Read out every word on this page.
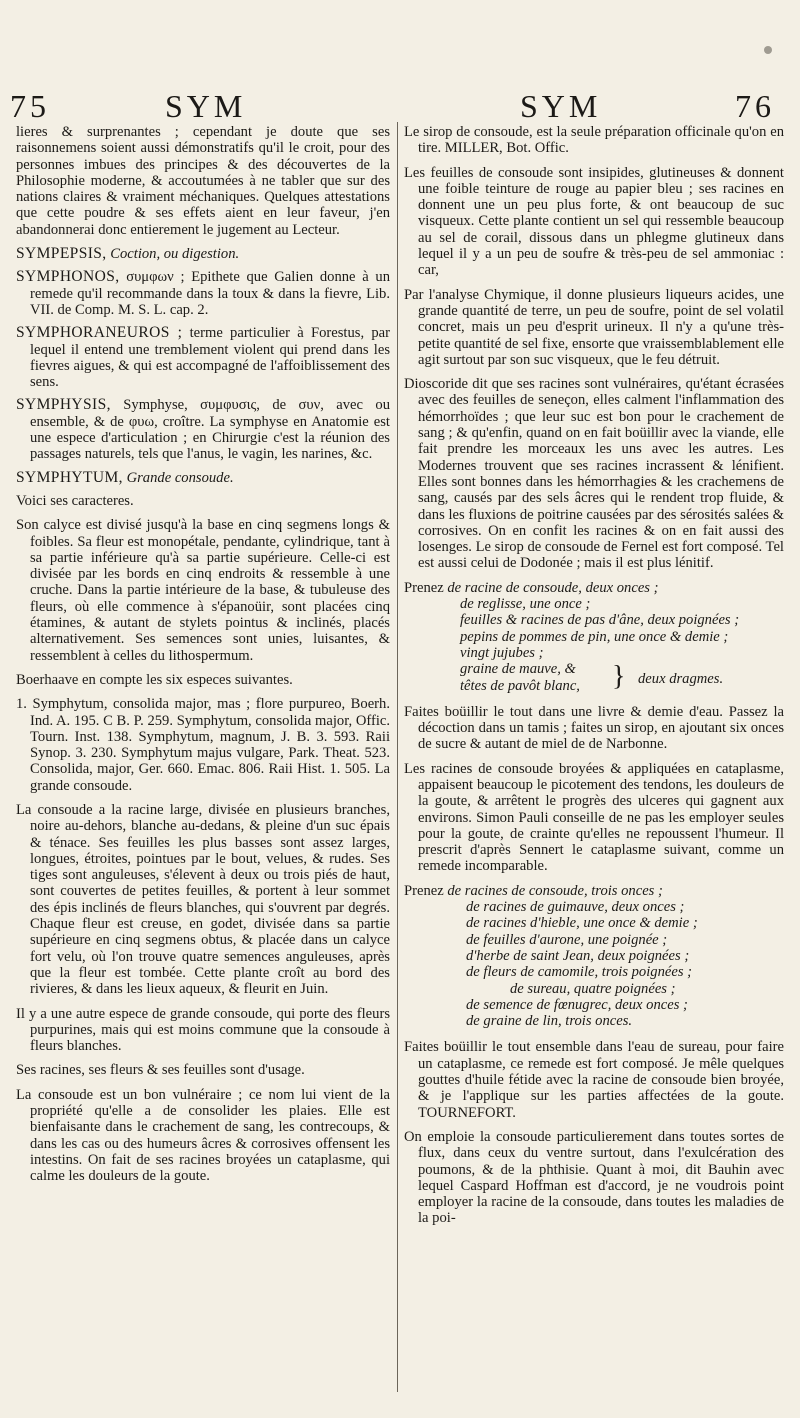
75	SYM	SYM	76

lieres & surprenantes ; cependant je doute que ses raisonnemens soient aussi démonstratifs qu'il le croit, pour des personnes imbues des principes & des découvertes de la Philosophie moderne, & accoutumées à ne tabler que sur des nations claires & vraiment méchaniques. Quelques attestations que cette poudre & ses effets aient en leur faveur, j'en abandonnerai donc entierement le jugement au Lecteur.

SYMPEPSIS, Coction, ou digestion.

SYMPHONOS, συμφων ; Epithete que Galien donne à un remede qu'il recommande dans la toux & dans la fievre, Lib. VII. de Comp. M. S. L. cap. 2.

SYMPHORANEUROS ; terme particulier à Forestus, par lequel il entend une tremblement violent qui prend dans les fievres aigues, & qui est accompagné de l'affoiblissement des sens.

SYMPHYSIS, Symphyse, συμφυσις, de συν, avec ou ensemble, & de φυω, croître. La symphyse en Anatomie est une espece d'articulation ; en Chirurgie c'est la réunion des passages naturels, tels que l'anus, le vagin, les narines, &c.

SYMPHYTUM, Grande consoude.

Voici ses caracteres.

Son calyce est divisé jusqu'à la base en cinq segmens longs & foibles. Sa fleur est monopétale, pendante, cylindrique, tant à sa partie inférieure qu'à sa partie supérieure. Celle-ci est divisée par les bords en cinq endroits & ressemble à une cruche. Dans la partie intérieure de la base, & tubuleuse des fleurs, où elle commence à s'épanoüir, sont placées cinq étamines, & autant de stylets pointus & inclinés, placés alternativement. Ses semences sont unies, luisantes, & ressemblent à celles du lithospermum.

Boerhaave en compte les six especes suivantes.

1. Symphytum, consolida major, mas ; flore purpureo, Boerh. Ind. A. 195. C B. P. 259. Symphytum, consolida major, Offic. Tourn. Inst. 138. Symphytum, magnum, J. B. 3. 593. Raii Synop. 3. 230. Symphytum majus vulgare, Park. Theat. 523. Consolida, major, Ger. 660. Emac. 806. Raii Hist. 1. 505. La grande consoude.

La consoude a la racine large, divisée en plusieurs branches, noire au-dehors, blanche au-dedans, & pleine d'un suc épais & ténace. Ses feuilles les plus basses sont assez larges, longues, étroites, pointues par le bout, velues, & rudes. Ses tiges sont anguleuses, s'élevent à deux ou trois piés de haut, sont couvertes de petites feuilles, & portent à leur sommet des épis inclinés de fleurs blanches, qui s'ouvrent par degrés. Chaque fleur est creuse, en godet, divisée dans sa partie supérieure en cinq segmens obtus, & placée dans un calyce fort velu, où l'on trouve quatre semences anguleuses, après que la fleur est tombée. Cette plante croît au bord des rivieres, & dans les lieux aqueux, & fleurit en Juin.

Il y a une autre espece de grande consoude, qui porte des fleurs purpurines, mais qui est moins commune que la consoude à fleurs blanches.

Ses racines, ses fleurs & ses feuilles sont d'usage.

La consoude est un bon vulnéraire ; ce nom lui vient de la propriété qu'elle a de consolider les plaies. Elle est bienfaisante dans le crachement de sang, les contrecoups, & dans les cas ou des humeurs âcres & corrosives offensent les intestins. On fait de ses racines broyées un cataplasme, qui calme les douleurs de la goute.

Le sirop de consoude, est la seule préparation officinale qu'on en tire. MILLER, Bot. Offic.

Les feuilles de consoude sont insipides, glutineuses & donnent une foible teinture de rouge au papier bleu ; ses racines en donnent une un peu plus forte, & ont beaucoup de suc visqueux. Cette plante contient un sel qui ressemble beaucoup au sel de corail, dissous dans un phlegme glutineux dans lequel il y a un peu de soufre & très-peu de sel ammoniac : car,

Par l'analyse Chymique, il donne plusieurs liqueurs acides, une grande quantité de terre, un peu de soufre, point de sel volatil concret, mais un peu d'esprit urineux. Il n'y a qu'une très-petite quantité de sel fixe, ensorte que vraissemblablement elle agit surtout par son suc visqueux, que le feu détruit.

Dioscoride dit que ses racines sont vulnéraires, qu'étant écrasées avec des feuilles de seneçon, elles calment l'inflammation des hémorrhoïdes ; que leur suc est bon pour le crachement de sang ; & qu'enfin, quand on en fait boüillir avec la viande, elle fait prendre les morceaux les uns avec les autres. Les Modernes trouvent que ses racines incrassent & lénifient. Elles sont bonnes dans les hémorrhagies & les crachemens de sang, causés par des sels âcres qui le rendent trop fluide, & dans les fluxions de poitrine causées par des sérosités salées & corrosives. On en confit les racines & on en fait aussi des losenges. Le sirop de consoude de Fernel est fort composé. Tel est aussi celui de Dodonée ; mais il est plus lénitif.

Prenez de racine de consoude, deux onces ;
de reglisse, une once ;
feuilles & racines de pas d'âne, deux poignées ;
pepins de pommes de pin, une once & demie ;
vingt jujubes ;
graine de mauve, &
têtes de pavôt blanc,	} deux dragmes.

Faites boüillir le tout dans une livre & demie d'eau. Passez la décoction dans un tamis ; faites un sirop, en ajoutant six onces de sucre & autant de miel de de Narbonne.

Les racines de consoude broyées & appliquées en cataplasme, appaisent beaucoup le picotement des tendons, les douleurs de la goute, & arrêtent le progrès des ulceres qui gagnent aux environs. Simon Pauli conseille de ne pas les employer seules pour la goute, de crainte qu'elles ne repoussent l'humeur. Il prescrit d'après Sennert le cataplasme suivant, comme un remede incomparable.

Prenez de racines de consoude, trois onces ;
de racines de guimauve, deux onces ;
de racines d'hieble, une once & demie ;
de feuilles d'aurone, une poignée ;
d'herbe de saint Jean, deux poignées ;
de fleurs de camomile, trois poignées ;
de sureau, quatre poignées ;
de semence de fœnugrec, deux onces ;
de graine de lin, trois onces.

Faites boüillir le tout ensemble dans l'eau de sureau, pour faire un cataplasme, ce remede est fort composé. Je mêle quelques gouttes d'huile fétide avec la racine de consoude bien broyée, & je l'applique sur les parties affectées de la goute. TOURNEFORT.

On emploie la consoude particulierement dans toutes sortes de flux, dans ceux du ventre surtout, dans l'exulcération des poumons, & de la phthisie. Quant à moi, dit Bauhin avec lequel Caspard Hoffman est d'accord, je ne voudrois point employer la racine de la consoude, dans toutes les maladies de la poi-
